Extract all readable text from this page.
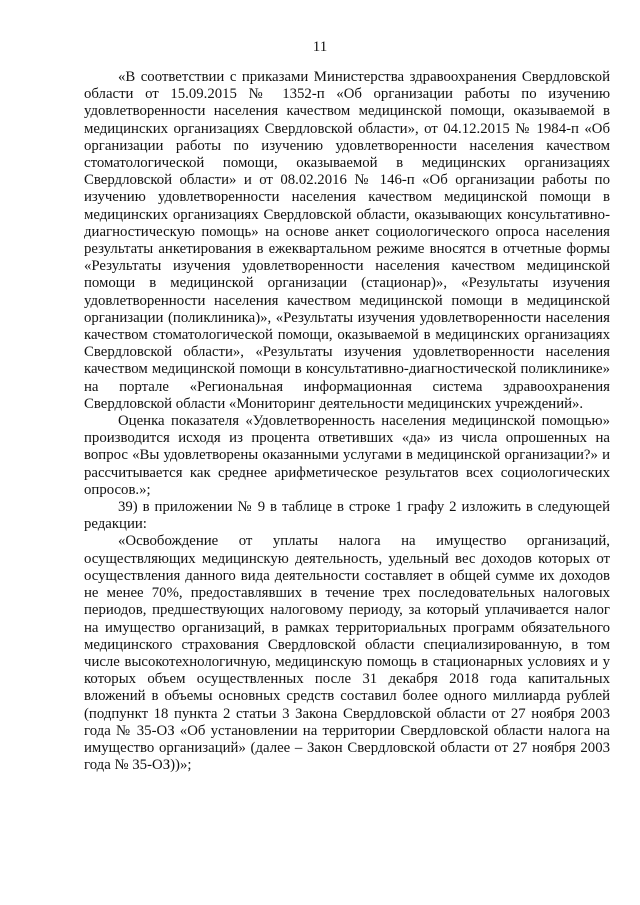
11

«В соответствии с приказами Министерства здравоохранения Свердловской области от 15.09.2015 № 1352-п «Об организации работы по изучению удовлетворенности населения качеством медицинской помощи, оказываемой в медицинских организациях Свердловской области», от 04.12.2015 № 1984-п «Об организации работы по изучению удовлетворенности населения качеством стоматологической помощи, оказываемой в медицинских организациях Свердловской области» и от 08.02.2016 № 146-п «Об организации работы по изучению удовлетворенности населения качеством медицинской помощи в медицинских организациях Свердловской области, оказывающих консультативно-диагностическую помощь» на основе анкет социологического опроса населения результаты анкетирования в ежеквартальном режиме вносятся в отчетные формы «Результаты изучения удовлетворенности населения качеством медицинской помощи в медицинской организации (стационар)», «Результаты изучения удовлетворенности населения качеством медицинской помощи в медицинской организации (поликлиника)», «Результаты изучения удовлетворенности населения качеством стоматологической помощи, оказываемой в медицинских организациях Свердловской области», «Результаты изучения удовлетворенности населения качеством медицинской помощи в консультативно-диагностической поликлинике» на портале «Региональная информационная система здравоохранения Свердловской области «Мониторинг деятельности медицинских учреждений».

Оценка показателя «Удовлетворенность населения медицинской помощью» производится исходя из процента ответивших «да» из числа опрошенных на вопрос «Вы удовлетворены оказанными услугами в медицинской организации?» и рассчитывается как среднее арифметическое результатов всех социологических опросов.»;

39) в приложении № 9 в таблице в строке 1 графу 2 изложить в следующей редакции:

«Освобождение от уплаты налога на имущество организаций, осуществляющих медицинскую деятельность, удельный вес доходов которых от осуществления данного вида деятельности составляет в общей сумме их доходов не менее 70%, предоставлявших в течение трех последовательных налоговых периодов, предшествующих налоговому периоду, за который уплачивается налог на имущество организаций, в рамках территориальных программ обязательного медицинского страхования Свердловской области специализированную, в том числе высокотехнологичную, медицинскую помощь в стационарных условиях и у которых объем осуществленных после 31 декабря 2018 года капитальных вложений в объемы основных средств составил более одного миллиарда рублей (подпункт 18 пункта 2 статьи 3 Закона Свердловской области от 27 ноября 2003 года № 35-ОЗ «Об установлении на территории Свердловской области налога на имущество организаций» (далее – Закон Свердловской области от 27 ноября 2003 года № 35-ОЗ))»;
